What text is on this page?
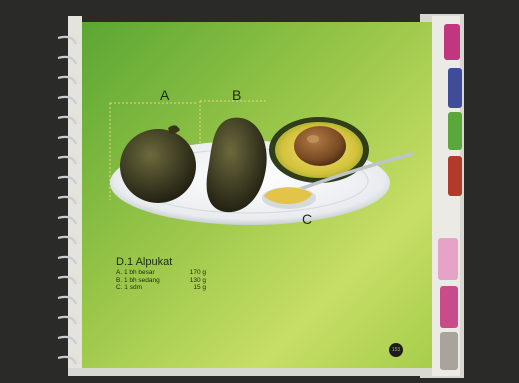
A	B
C
D.1 Alpukat
A. 1 bh besar	170 g
B. 1 bh sedang	130 g
C. 1 sdm	15 g
153
